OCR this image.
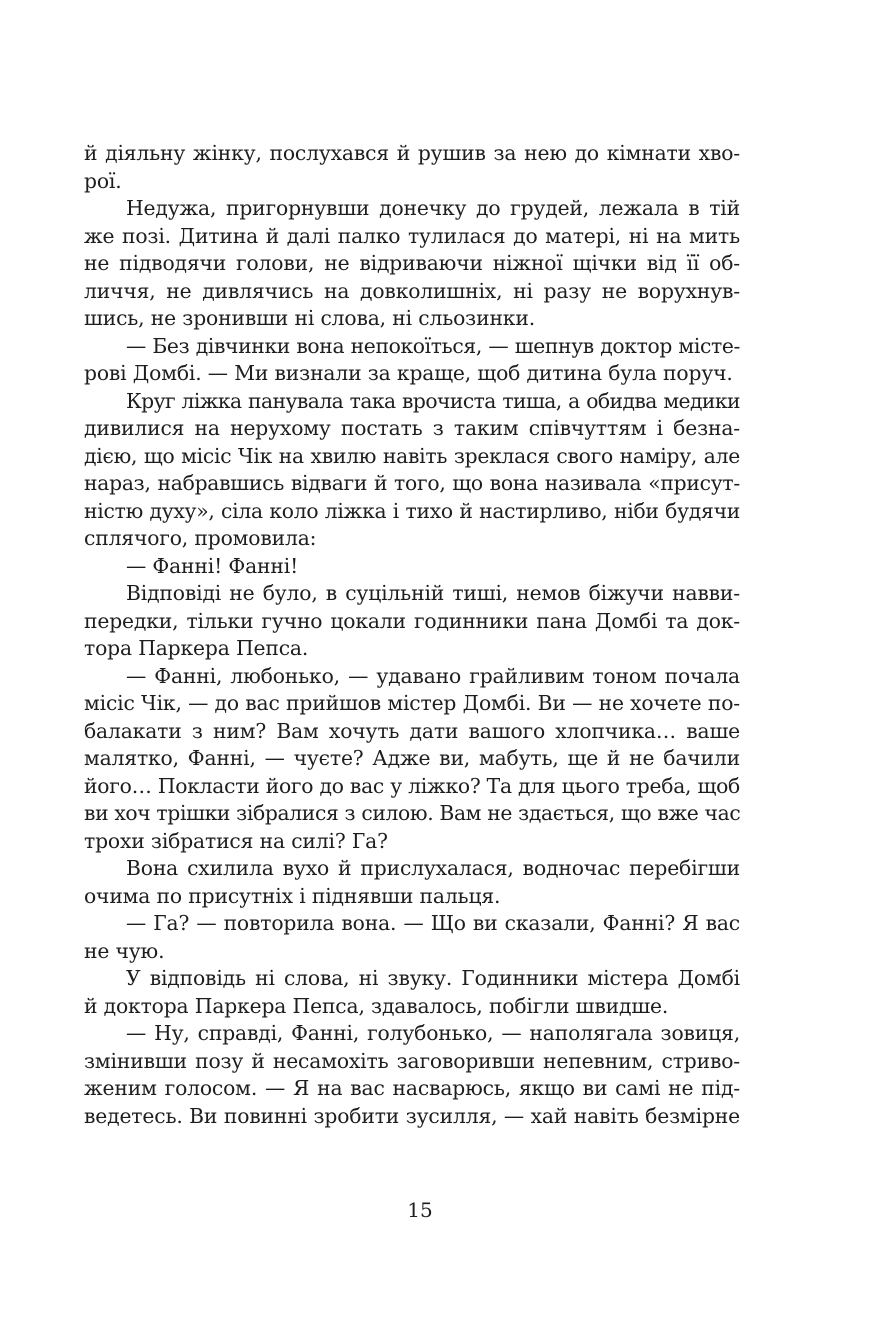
й діяльну жінку, послухався й рушив за нею до кімнати хво-
рої.
Недужа, пригорнувши донечку до грудей, лежала в тій
же позі. Дитина й далі палко тулилася до матері, ні на мить
не підводячи голови, не відриваючи ніжної щічки від її об-
личчя, не дивлячись на довколишніх, ні разу не ворухнув-
шись, не зронивши ні слова, ні сльозинки.
— Без дівчинки вона непокоїться, — шепнув доктор місте-
рові Домбі. — Ми визнали за краще, щоб дитина була поруч.
Круг ліжка панувала така врочиста тиша, а обидва медики
дивилися на нерухому постать з таким співчуттям і безна-
дією, що місіс Чік на хвилю навіть зреклася свого наміру, але
нараз, набравшись відваги й того, що вона називала «присут-
ністю духу», сіла коло ліжка і тихо й настирливо, ніби будячи
сплячого, промовила:
— Фанні! Фанні!
Відповіді не було, в суцільній тиші, немов біжучи навви-
передки, тільки гучно цокали годинники пана Домбі та док-
тора Паркера Пепса.
— Фанні, любонько, — удавано грайливим тоном почала
місіс Чік, — до вас прийшов містер Домбі. Ви — не хочете по-
балакати з ним? Вам хочуть дати вашого хлопчика… ваше
малятко, Фанні, — чуєте? Адже ви, мабуть, ще й не бачили
його… Покласти його до вас у ліжко? Та для цього треба, щоб
ви хоч трішки зібралися з силою. Вам не здається, що вже час
трохи зібратися на силі? Га?
Вона схилила вухо й прислухалася, водночас перебігши
очима по присутніх і піднявши пальця.
— Га? — повторила вона. — Що ви сказали, Фанні? Я вас
не чую.
У відповідь ні слова, ні звуку. Годинники містера Домбі
й доктора Паркера Пепса, здавалось, побігли швидше.
— Ну, справді, Фанні, голубонько, — наполягала зовиця,
змінивши позу й несамохіть заговоривши непевним, стриво-
женим голосом. — Я на вас насварюсь, якщо ви самі не під-
ведетесь. Ви повинні зробити зусилля, — хай навіть безмірне
15
